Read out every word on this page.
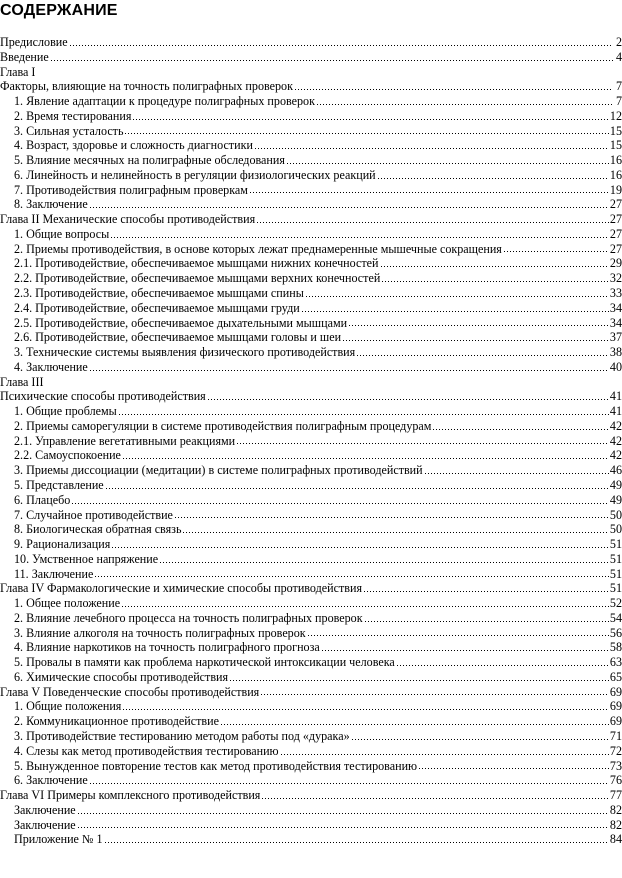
СОДЕРЖАНИЕ
Предисловие	2
Введение	4
Глава I
Факторы, влияющие на точность полиграфных проверок	7
1. Явление адаптации к процедуре полиграфных проверок	7
2. Время тестирования	12
3. Сильная усталость	15
4. Возраст, здоровье и сложность диагностики	15
5. Влияние месячных на полиграфные обследования	16
6. Линейность и нелинейность в регуляции физиологических реакций	16
7. Противодействия полиграфным проверкам	19
8. Заключение	27
Глава II Механические способы противодействия	27
1. Общие вопросы	27
2. Приемы противодействия, в основе которых лежат преднамеренные мышечные сокращения	27
2.1. Противодействие, обеспечиваемое мышцами нижних конечностей	29
2.2. Противодействие, обеспечиваемое мышцами верхних конечностей	32
2.3. Противодействие, обеспечиваемое мышцами спины	33
2.4. Противодействие, обеспечиваемое мышцами груди	34
2.5. Противодействие, обеспечиваемое дыхательными мышцами	34
2.6. Противодействие, обеспечиваемое мышцами головы и шеи	37
3. Технические системы выявления физического противодействия	38
4. Заключение	40
Глава III
Психические способы противодействия	41
1. Общие проблемы	41
2. Приемы саморегуляции в системе противодействия полиграфным процедурам	42
2.1. Управление вегетативными реакциями	42
2.2. Самоуспокоение	42
3. Приемы диссоциации (медитации) в системе полиграфных противодействий	46
5. Представление	49
6. Плацебо	49
7. Случайное противодействие	50
8. Биологическая обратная связь	50
9. Рационализация	51
10. Умственное напряжение	51
11. Заключение	51
Глава IV Фармакологические и химические способы противодействия	51
1. Общее положение	52
2. Влияние лечебного процесса на точность полиграфных проверок	54
3. Влияние алкоголя на точность полиграфных проверок	56
4. Влияние наркотиков на точность полиграфного прогноза	58
5. Провалы в памяти как проблема наркотической интоксикации человека	63
6. Химические способы противодействия	65
Глава V Поведенческие способы противодействия	69
1. Общие положения	69
2. Коммуникационное противодействие	69
3. Противодействие тестированию методом работы под «дурака»	71
4. Слезы как метод противодействия тестированию	72
5. Вынужденное повторение тестов как метод противодействия тестированию	73
6. Заключение	76
Глава VI Примеры комплексного противодействия	77
Заключение	82
Заключение	82
Приложение № 1	84
